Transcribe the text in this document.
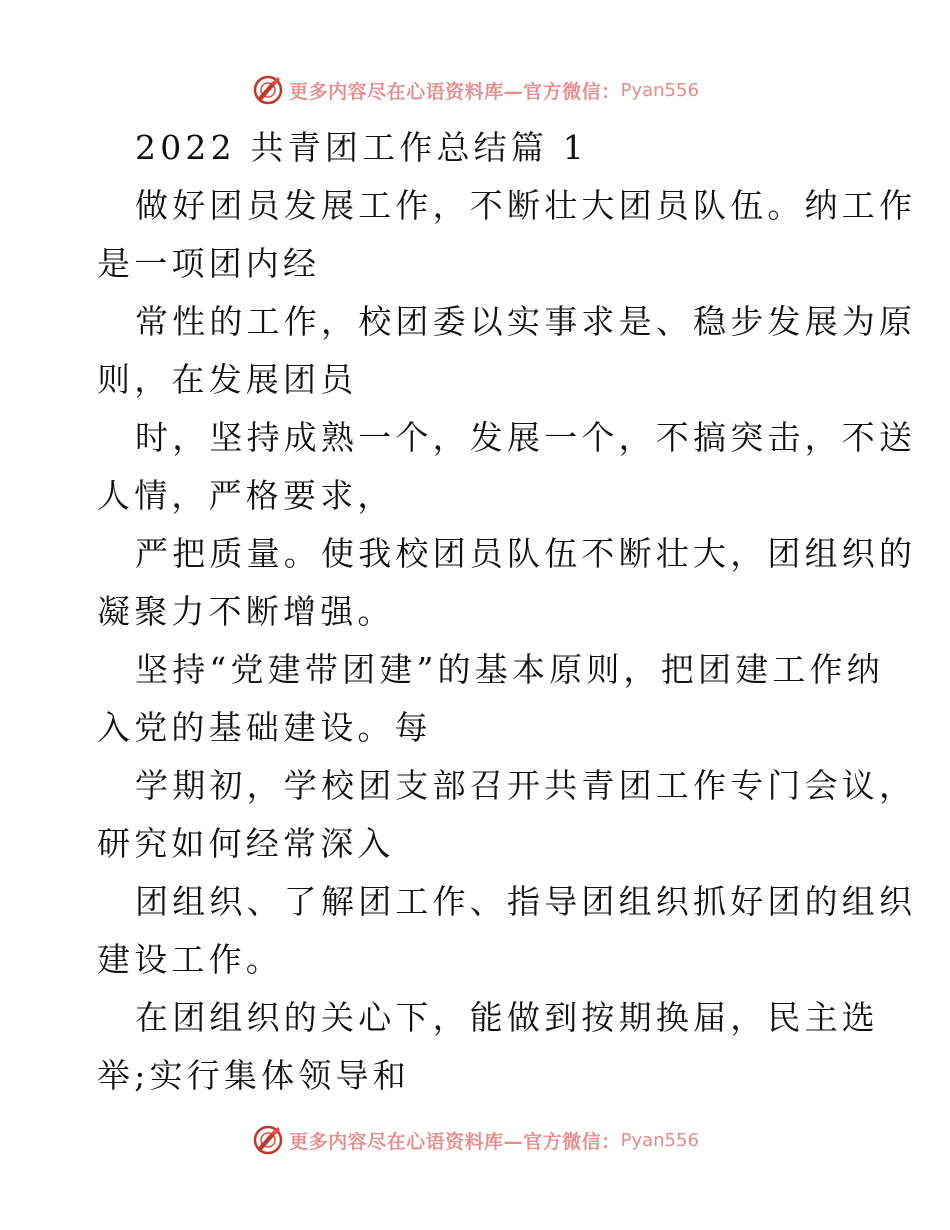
更多内容尽在心语资料库—官方微信： Pyan556
2022 共青团工作总结篇 1
做好团员发展工作，不断壮大团员队伍。纳工作
是一项团内经
常性的工作，校团委以实事求是、稳步发展为原
则，在发展团员
时，坚持成熟一个，发展一个，不搞突击，不送
人情，严格要求，
严把质量。使我校团员队伍不断壮大，团组织的
凝聚力不断增强。
坚持“党建带团建”的基本原则，把团建工作纳
入党的基础建设。每
学期初，学校团支部召开共青团工作专门会议，
研究如何经常深入
团组织、了解团工作、指导团组织抓好团的组织
建设工作。
在团组织的关心下，能做到按期换届，民主选
举;实行集体领导和
更多内容尽在心语资料库—官方微信： Pyan556
